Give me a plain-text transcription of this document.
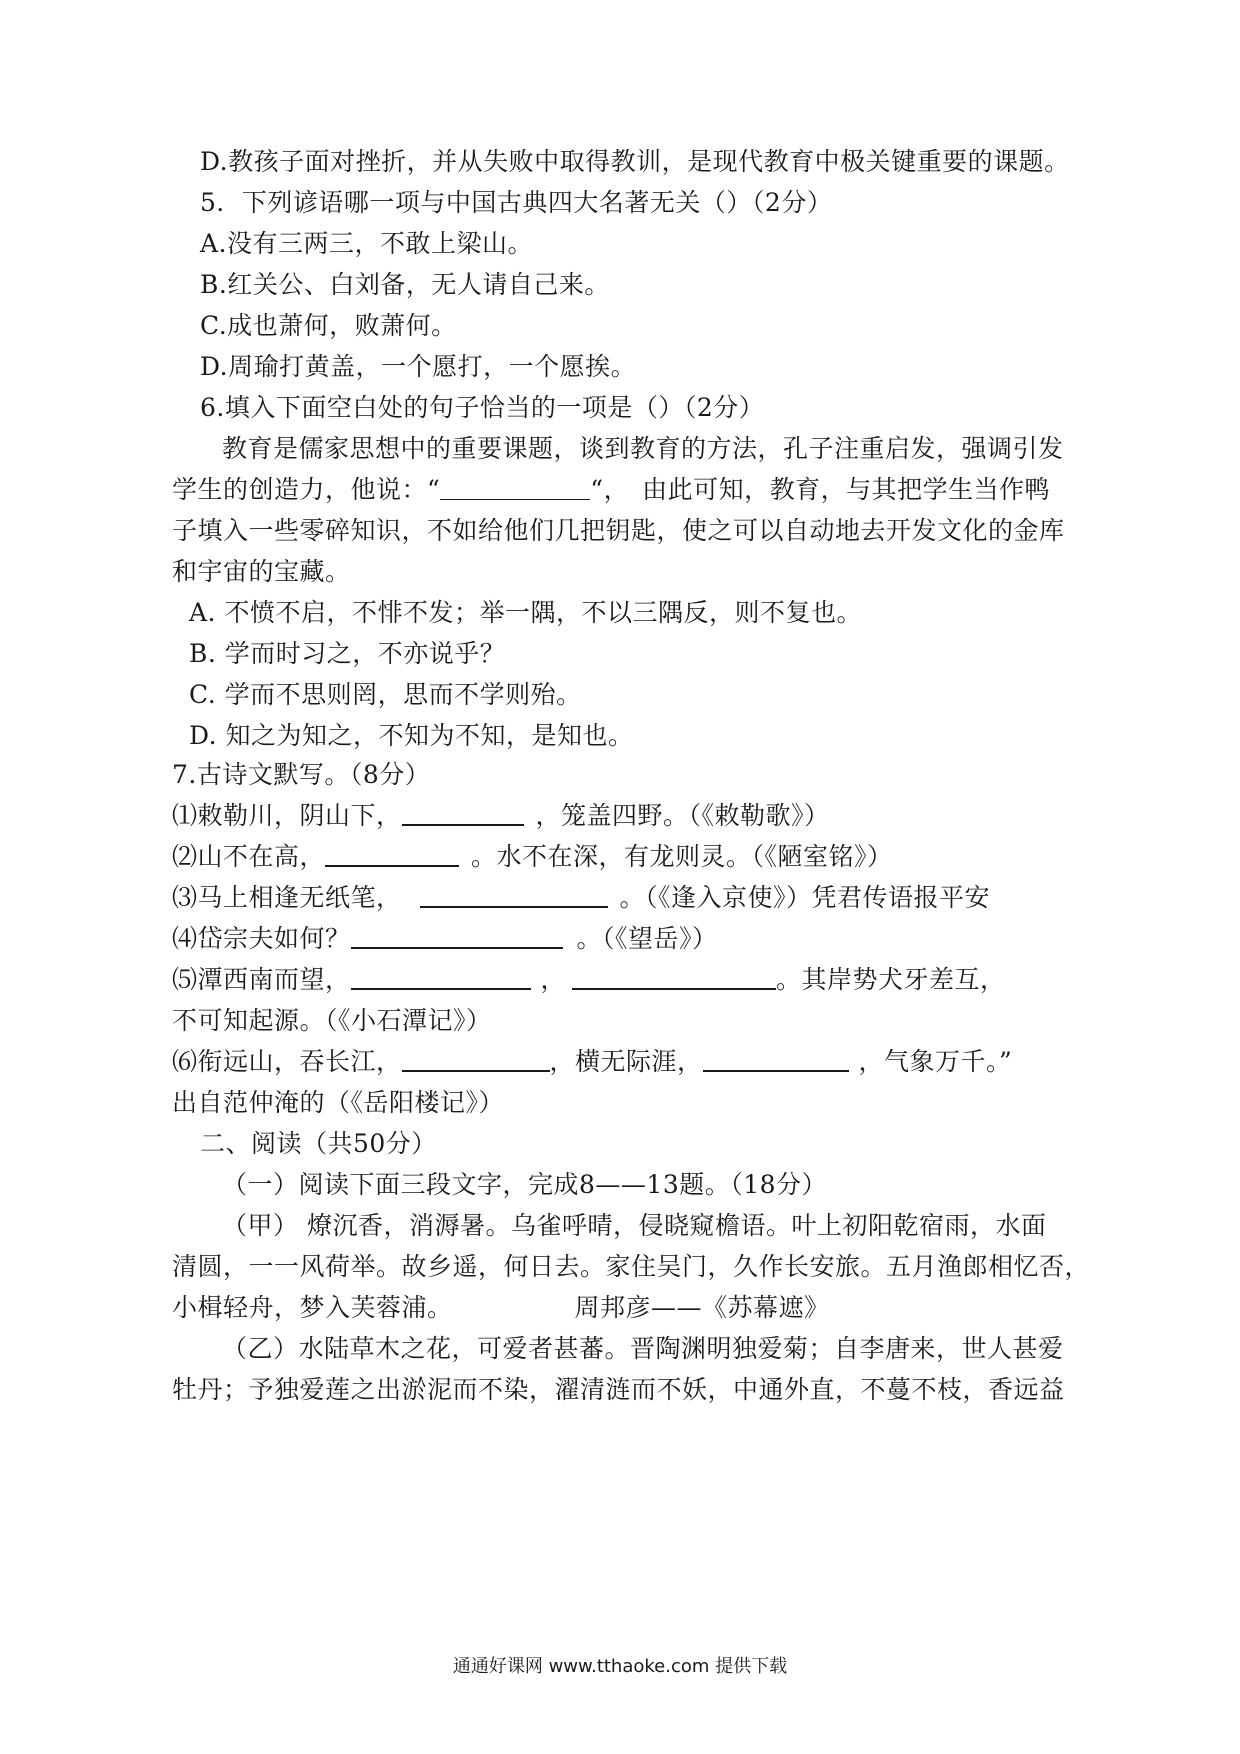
D.教孩子面对挫折，并从失败中取得教训，是现代教育中极关键重要的课题。
5．下列谚语哪一项与中国古典四大名著无关（）（2分）
A.没有三两三，不敢上梁山。
B.红关公、白刘备，无人请自己来。
C.成也萧何，败萧何。
D.周瑜打黄盖，一个愿打，一个愿挨。
6.填入下面空白处的句子恰当的一项是（）（2分）
教育是儒家思想中的重要课题，谈到教育的方法，孔子注重启发，强调引发
学生的创造力，他说：“	“，　由此可知，教育，与其把学生当作鸭
子填入一些零碎知识，不如给他们几把钥匙，使之可以自动地去开发文化的金库
和宇宙的宝藏。
A. 不愤不启，不悱不发；举一隅，不以三隅反，则不复也。
B. 学而时习之，不亦说乎？
C. 学而不思则罔，思而不学则殆。
D. 知之为知之，不知为不知，是知也。
7.古诗文默写。（8分）
⑴敕勒川，阴山下，	，笼盖四野。（《敕勒歌》）
⑵山不在高，	。水不在深，有龙则灵。（《陋室铭》）
⑶马上相逢无纸笔，	。（《逢入京使》）凭君传语报平安
⑷岱宗夫如何？	。（《望岳》）
⑸潭西南而望，	，	。其岸势犬牙差互，
不可知起源。（《小石潭记》）
⑹衔远山，吞长江，	，横无际涯，	，气象万千。”
出自范仲淹的（《岳阳楼记》）
二、阅读（共50分）
（一）阅读下面三段文字，完成8——13题。（18分）
（甲） 燎沉香，消溽暑。乌雀呼晴，侵晓窥檐语。叶上初阳乾宿雨，水面
清圆，一一风荷举。故乡遥，何日去。家住吴门，久作长安旅。五月渔郎相忆否，
小楫轻舟，梦入芙蓉浦。	周邦彦——《苏幕遮》
（乙）水陆草木之花，可爱者甚蕃。晋陶渊明独爱菊；自李唐来，世人甚爱
牡丹；予独爱莲之出淤泥而不染，濯清涟而不妖，中通外直，不蔓不枝，香远益
通通好课网 www.tthaoke.com 提供下载
